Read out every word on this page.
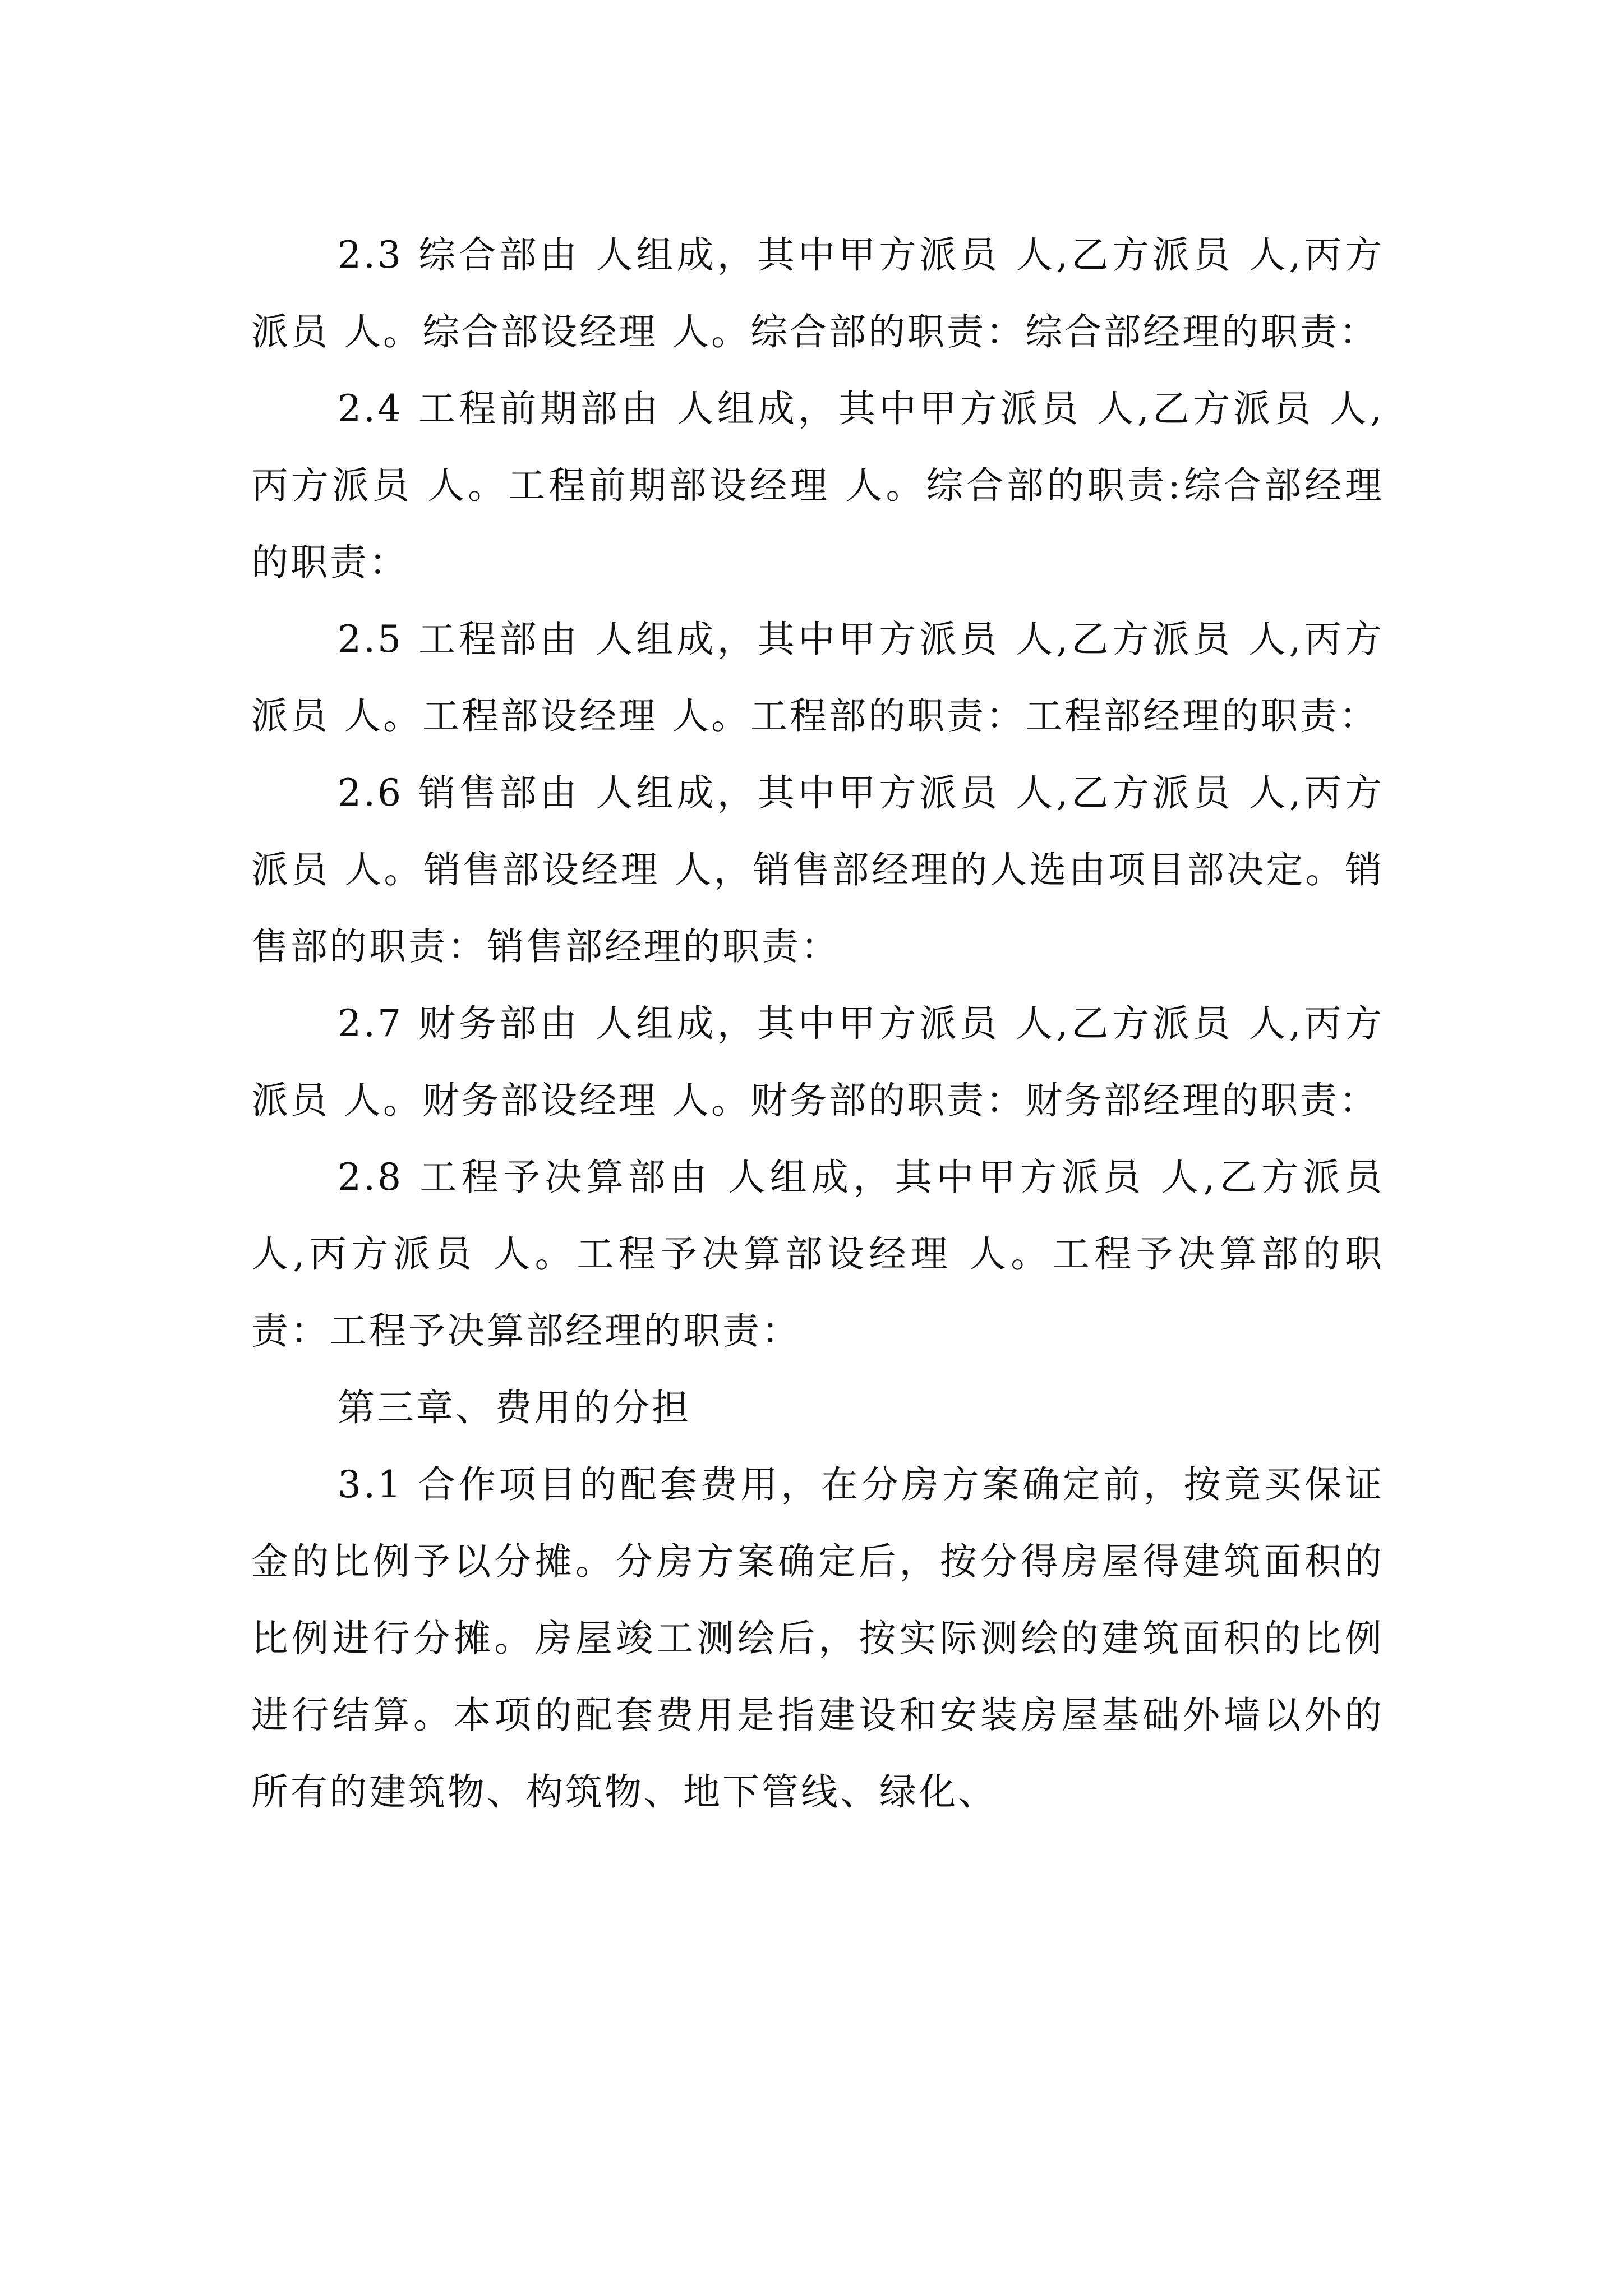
2.3 综合部由 人组成，其中甲方派员 人,乙方派员 人,丙方派员 人。综合部设经理 人。综合部的职责：综合部经理的职责：

2.4 工程前期部由 人组成，其中甲方派员 人,乙方派员 人,丙方派员 人。工程前期部设经理 人。综合部的职责:综合部经理的职责：

2.5 工程部由 人组成，其中甲方派员 人,乙方派员 人,丙方派员 人。工程部设经理 人。工程部的职责：工程部经理的职责：

2.6 销售部由 人组成，其中甲方派员 人,乙方派员 人,丙方派员 人。销售部设经理 人，销售部经理的人选由项目部决定。销售部的职责：销售部经理的职责：

2.7 财务部由 人组成，其中甲方派员 人,乙方派员 人,丙方派员 人。财务部设经理 人。财务部的职责：财务部经理的职责：

2.8 工程予决算部由 人组成，其中甲方派员 人,乙方派员 人,丙方派员 人。工程予决算部设经理 人。工程予决算部的职责：工程予决算部经理的职责：

第三章、费用的分担

3.1 合作项目的配套费用，在分房方案确定前，按竟买保证金的比例予以分摊。分房方案确定后，按分得房屋得建筑面积的比例进行分摊。房屋竣工测绘后，按实际测绘的建筑面积的比例进行结算。本项的配套费用是指建设和安装房屋基础外墙以外的所有的建筑物、构筑物、地下管线、绿化、
